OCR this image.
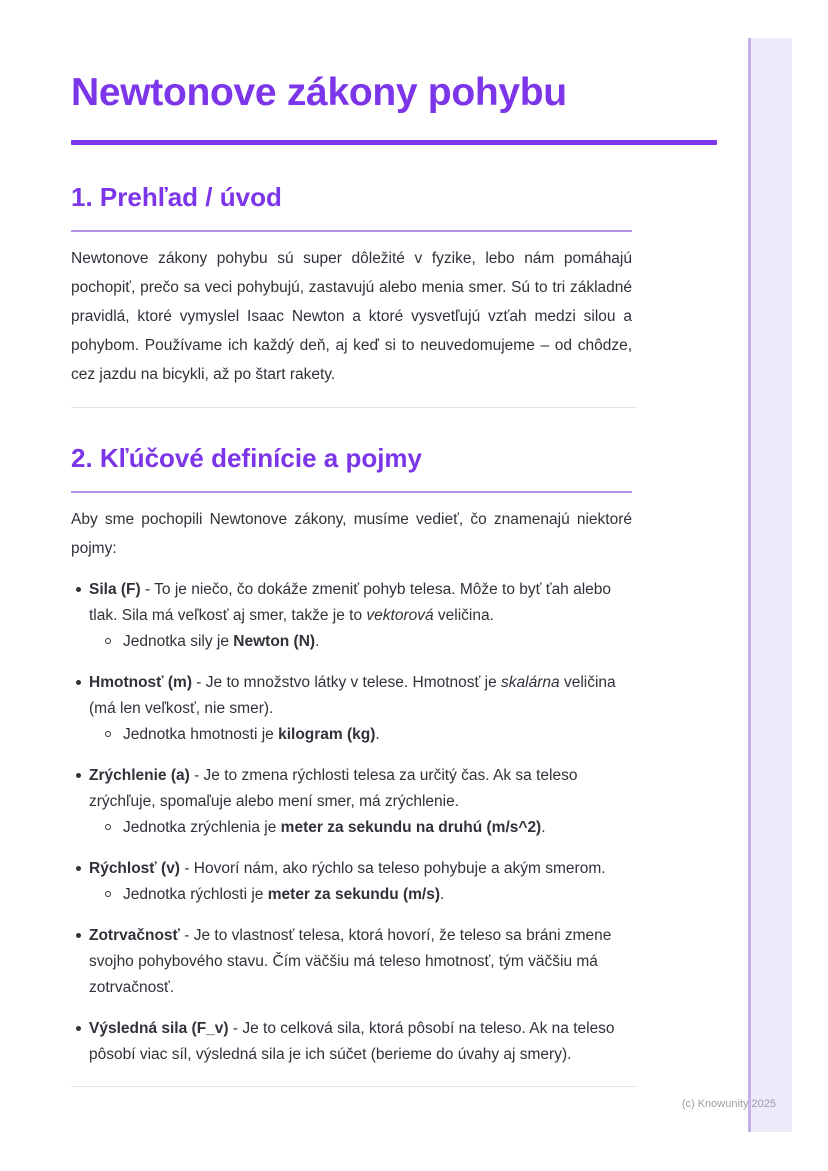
Newtonove zákony pohybu
1. Prehľad / úvod

Newtonove zákony pohybu sú super dôležité v fyzike, lebo nám pomáhajú pochopiť, prečo sa veci pohybujú, zastavujú alebo menia smer. Sú to tri základné pravidlá, ktoré vymyslel Isaac Newton a ktoré vysvetľujú vzťah medzi silou a pohybom. Používame ich každý deň, aj keď si to neuvedomujeme – od chôdze, cez jazdu na bicykli, až po štart rakety.

2. Kľúčové definície a pojmy

Aby sme pochopili Newtonove zákony, musíme vedieť, čo znamenajú niektoré pojmy:

Sila (F) - To je niečo, čo dokáže zmeniť pohyb telesa. Môže to byť ťah alebo tlak. Sila má veľkosť aj smer, takže je to vektorová veličina.
Jednotka sily je Newton (N).
Hmotnosť (m) - Je to množstvo látky v telese. Hmotnosť je skalárna veličina (má len veľkosť, nie smer).
Jednotka hmotnosti je kilogram (kg).
Zrýchlenie (a) - Je to zmena rýchlosti telesa za určitý čas. Ak sa teleso zrýchľuje, spomaľuje alebo mení smer, má zrýchlenie.
Jednotka zrýchlenia je meter za sekundu na druhú (m/s^2).
Rýchlosť (v) - Hovorí nám, ako rýchlo sa teleso pohybuje a akým smerom.
Jednotka rýchlosti je meter za sekundu (m/s).
Zotrvačnosť - Je to vlastnosť telesa, ktorá hovorí, že teleso sa bráni zmene svojho pohybového stavu. Čím väčšiu má teleso hmotnosť, tým väčšiu má zotrvačnosť.
Výsledná sila (F_v) - Je to celková sila, ktorá pôsobí na teleso. Ak na teleso pôsobí viac síl, výsledná sila je ich súčet (berieme do úvahy aj smery).
(c) Knowunity 2025
